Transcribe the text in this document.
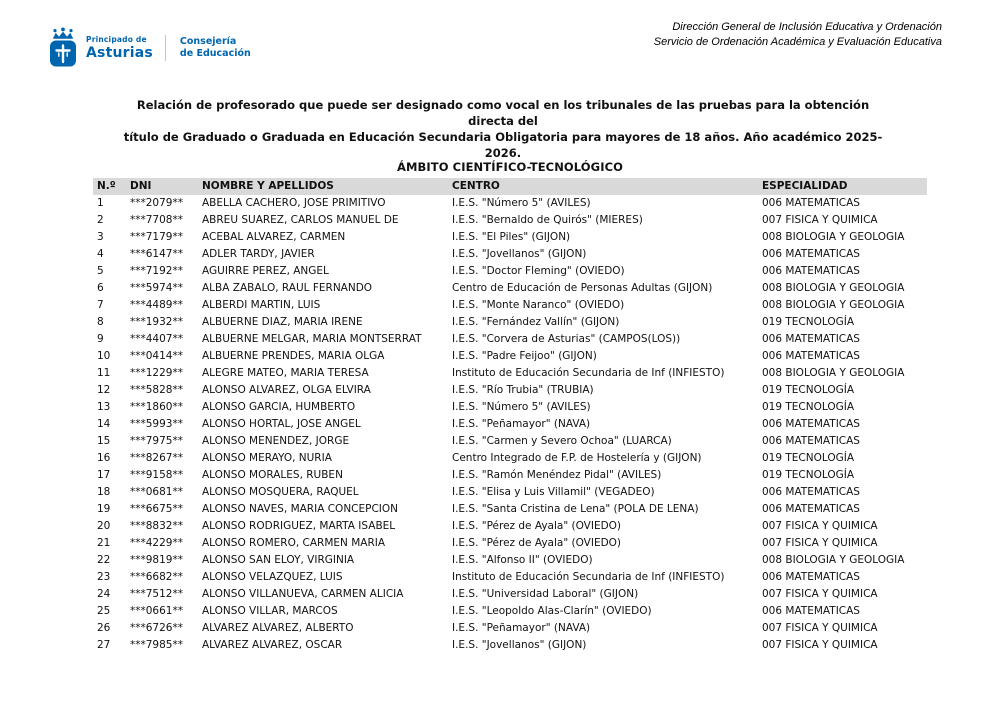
Principado de
Asturias
Consejería
de Educación
Dirección General de Inclusión Educativa y Ordenación
Servicio de Ordenación Académica y Evaluación Educativa

Relación de profesorado que puede ser designado como vocal en los tribunales de las pruebas para la obtención directa del
título de Graduado o Graduada en Educación Secundaria Obligatoria para mayores de 18 años. Año académico 2025-2026.

ÁMBITO CIENTÍFICO-TECNOLÓGICO
N.º	DNI	NOMBRE Y APELLIDOS	CENTRO	ESPECIALIDAD
1	***2079**	ABELLA CACHERO, JOSE PRIMITIVO	I.E.S. "Número 5" (AVILES)	006 MATEMATICAS
2	***7708**	ABREU SUAREZ, CARLOS MANUEL DE	I.E.S. "Bernaldo de Quirós" (MIERES)	007 FISICA Y QUIMICA
3	***7179**	ACEBAL ALVAREZ, CARMEN	I.E.S. "El Piles" (GIJON)	008 BIOLOGIA Y GEOLOGIA
4	***6147**	ADLER TARDY, JAVIER	I.E.S. "Jovellanos" (GIJON)	006 MATEMATICAS
5	***7192**	AGUIRRE PEREZ, ANGEL	I.E.S. "Doctor Fleming" (OVIEDO)	006 MATEMATICAS
6	***5974**	ALBA ZABALO, RAUL FERNANDO	Centro de Educación de Personas Adultas (GIJON)	008 BIOLOGIA Y GEOLOGIA
7	***4489**	ALBERDI MARTIN, LUIS	I.E.S. "Monte Naranco" (OVIEDO)	008 BIOLOGIA Y GEOLOGIA
8	***1932**	ALBUERNE DIAZ, MARIA IRENE	I.E.S. "Fernández Vallín" (GIJON)	019 TECNOLOGÍA
9	***4407**	ALBUERNE MELGAR, MARIA MONTSERRAT	I.E.S. "Corvera de Asturias" (CAMPOS(LOS))	006 MATEMATICAS
10	***0414**	ALBUERNE PRENDES, MARIA OLGA	I.E.S. "Padre Feijoo" (GIJON)	006 MATEMATICAS
11	***1229**	ALEGRE MATEO, MARIA TERESA	Instituto de Educación Secundaria de Inf (INFIESTO)	008 BIOLOGIA Y GEOLOGIA
12	***5828**	ALONSO ALVAREZ, OLGA ELVIRA	I.E.S. "Río Trubia" (TRUBIA)	019 TECNOLOGÍA
13	***1860**	ALONSO GARCIA, HUMBERTO	I.E.S. "Número 5" (AVILES)	019 TECNOLOGÍA
14	***5993**	ALONSO HORTAL, JOSE ANGEL	I.E.S. "Peñamayor" (NAVA)	006 MATEMATICAS
15	***7975**	ALONSO MENENDEZ, JORGE	I.E.S. "Carmen y Severo Ochoa" (LUARCA)	006 MATEMATICAS
16	***8267**	ALONSO MERAYO, NURIA	Centro Integrado de F.P. de Hostelería y (GIJON)	019 TECNOLOGÍA
17	***9158**	ALONSO MORALES, RUBEN	I.E.S. "Ramón Menéndez Pidal" (AVILES)	019 TECNOLOGÍA
18	***0681**	ALONSO MOSQUERA, RAQUEL	I.E.S. "Elisa y Luis Villamil" (VEGADEO)	006 MATEMATICAS
19	***6675**	ALONSO NAVES, MARIA CONCEPCION	I.E.S. "Santa Cristina de Lena" (POLA DE LENA)	006 MATEMATICAS
20	***8832**	ALONSO RODRIGUEZ, MARTA ISABEL	I.E.S. "Pérez de Ayala" (OVIEDO)	007 FISICA Y QUIMICA
21	***4229**	ALONSO ROMERO, CARMEN MARIA	I.E.S. "Pérez de Ayala" (OVIEDO)	007 FISICA Y QUIMICA
22	***9819**	ALONSO SAN ELOY, VIRGINIA	I.E.S. "Alfonso II" (OVIEDO)	008 BIOLOGIA Y GEOLOGIA
23	***6682**	ALONSO VELAZQUEZ, LUIS	Instituto de Educación Secundaria de Inf (INFIESTO)	006 MATEMATICAS
24	***7512**	ALONSO VILLANUEVA, CARMEN ALICIA	I.E.S. "Universidad Laboral" (GIJON)	007 FISICA Y QUIMICA
25	***0661**	ALONSO VILLAR, MARCOS	I.E.S. "Leopoldo Alas-Clarín" (OVIEDO)	006 MATEMATICAS
26	***6726**	ALVAREZ ALVAREZ, ALBERTO	I.E.S. "Peñamayor" (NAVA)	007 FISICA Y QUIMICA
27	***7985**	ALVAREZ ALVAREZ, OSCAR	I.E.S. "Jovellanos" (GIJON)	007 FISICA Y QUIMICA
